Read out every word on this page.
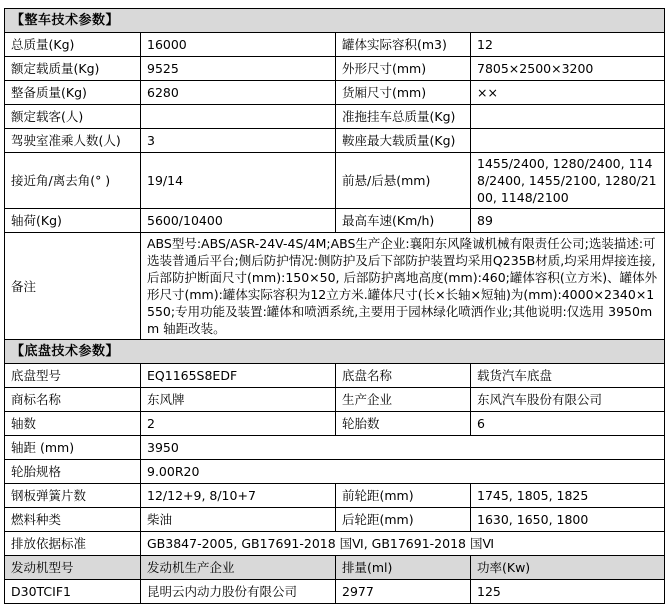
【整车技术参数】			
总质量(Kg)	16000	罐体实际容积(m3)	12
额定载质量(Kg)	9525	外形尺寸(mm)	7805×2500×3200
整备质量(Kg)	6280	货厢尺寸(mm)	××
额定载客(人)		准拖挂车总质量(Kg)	
驾驶室准乘人数(人)	3	鞍座最大载质量(Kg)	
接近角/离去角(° )	19/14	前悬/后悬(mm)	1455/2400, 1280/2400, 1148/2400, 1455/2100, 1280/2100, 1148/2100
轴荷(Kg)	5600/10400	最高车速(Km/h)	89
备注	ABS型号:ABS/ASR-24V-4S/4M;ABS生产企业:襄阳东风隆诚机械有限责任公司;选装描述:可选装普通后平台;侧后防护情况:侧防护及后下部防护装置均采用Q235B材质,均采用焊接连接, 后部防护断面尺寸(mm):150×50, 后部防护离地高度(mm):460;罐体容积(立方米)、罐体外形尺寸(mm):罐体实际容积为12立方米.罐体尺寸(长×长轴×短轴)为(mm):4000×2340×1550;专用功能及装置:罐体和喷洒系统,主要用于园林绿化喷洒作业;其他说明:仅选用 3950mm 轴距改装。		
【底盘技术参数】			
底盘型号	EQ1165S8EDF	底盘名称	载货汽车底盘
商标名称	东风牌	生产企业	东风汽车股份有限公司
轴数	2	轮胎数	6
轴距 (mm)	3950		
轮胎规格	9.00R20		
钢板弹簧片数	12/12+9, 8/10+7	前轮距(mm)	1745, 1805, 1825
燃料种类	柴油	后轮距(mm)	1630, 1650, 1800
排放依据标准	GB3847-2005, GB17691-2018 国Ⅵ, GB17691-2018 国Ⅵ		
发动机型号	发动机生产企业	排量(ml)	功率(Kw)
D30TCIF1	昆明云内动力股份有限公司	2977	125
